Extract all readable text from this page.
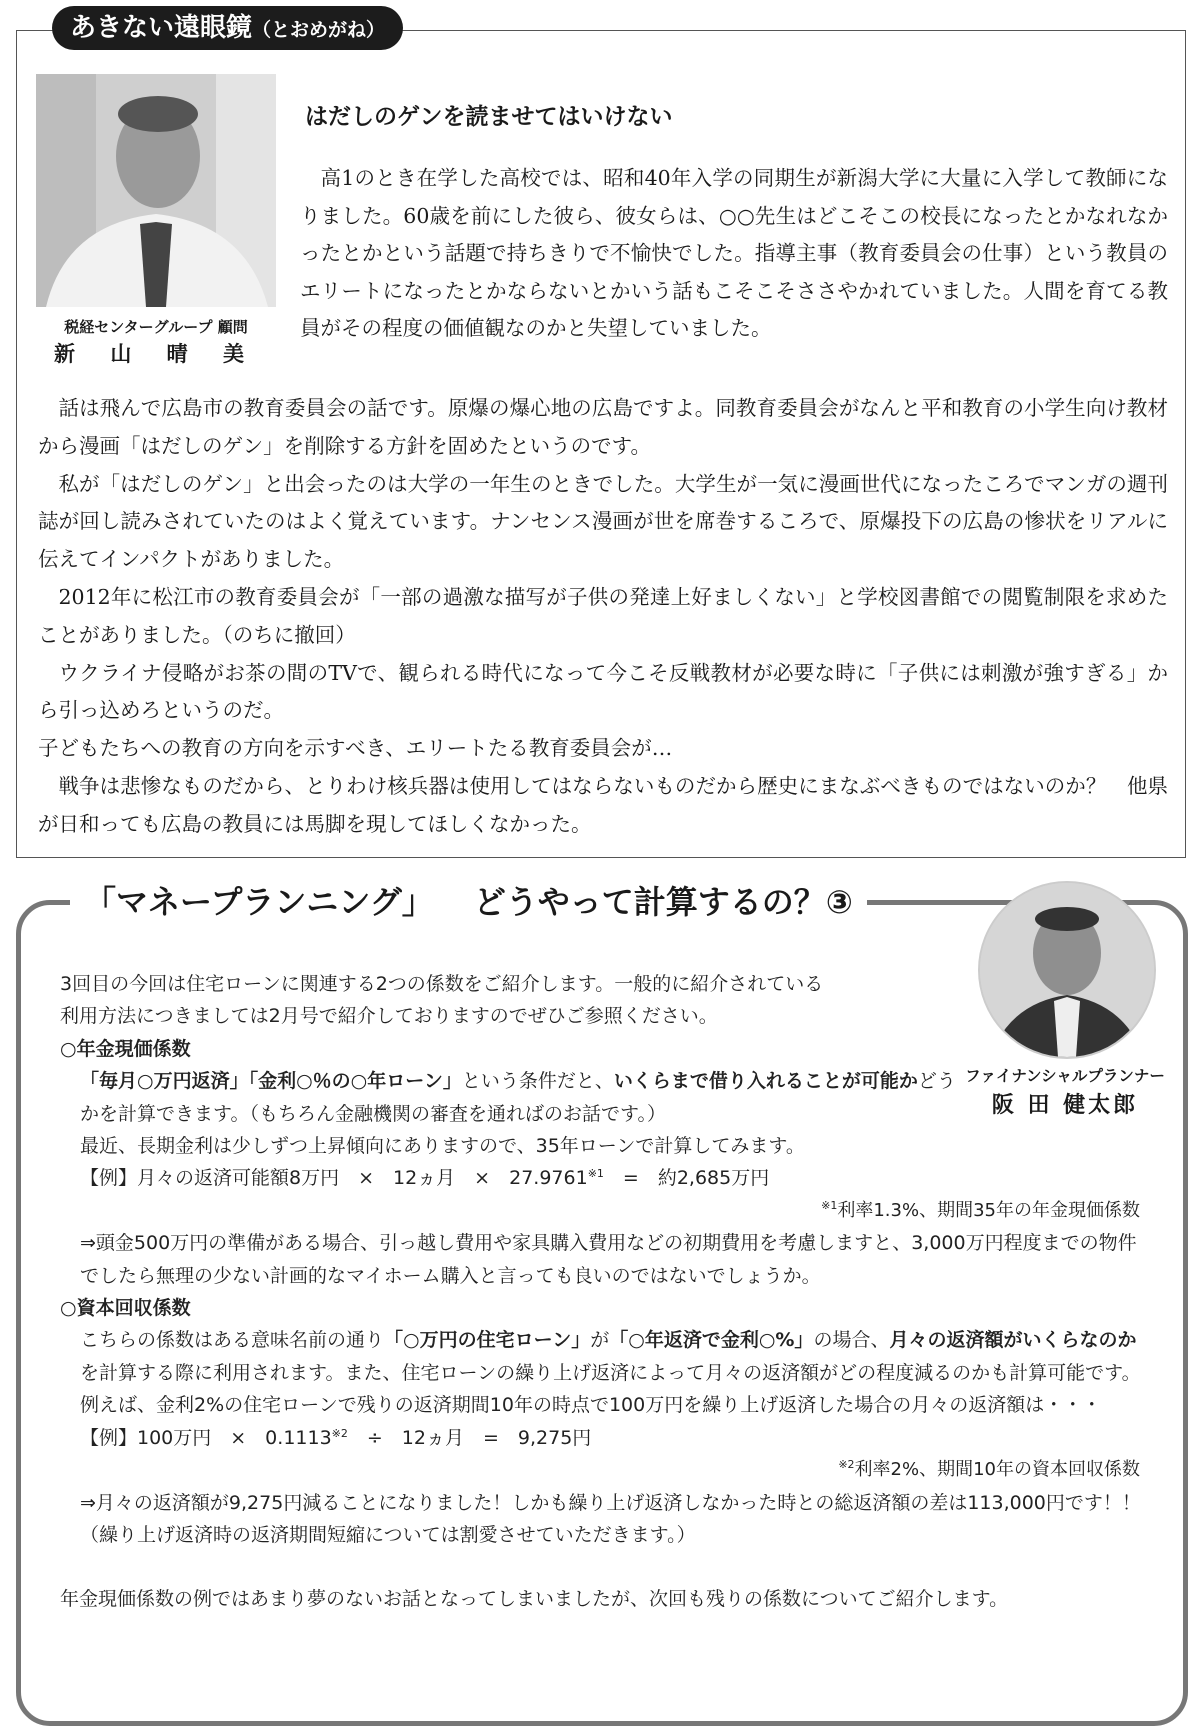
あきない遠眼鏡（とおめがね）
税経センターグループ 顧問
新 山 晴 美
はだしのゲンを読ませてはいけない

高1のとき在学した高校では、昭和40年入学の同期生が新潟大学に大量に入学して教師になりました。60歳を前にした彼ら、彼女らは、○○先生はどこそこの校長になったとかなれなかったとかという話題で持ちきりで不愉快でした。指導主事（教育委員会の仕事）という教員のエリートになったとかならないとかいう話もこそこそささやかれていました。人間を育てる教員がその程度の価値観なのかと失望していました。

話は飛んで広島市の教育委員会の話です。原爆の爆心地の広島ですよ。同教育委員会がなんと平和教育の小学生向け教材から漫画「はだしのゲン」を削除する方針を固めたというのです。

私が「はだしのゲン」と出会ったのは大学の一年生のときでした。大学生が一気に漫画世代になったころでマンガの週刊誌が回し読みされていたのはよく覚えています。ナンセンス漫画が世を席巻するころで、原爆投下の広島の惨状をリアルに伝えてインパクトがありました。

2012年に松江市の教育委員会が「一部の過激な描写が子供の発達上好ましくない」と学校図書館での閲覧制限を求めたことがありました。（のちに撤回）

ウクライナ侵略がお茶の間のTVで、観られる時代になって今こそ反戦教材が必要な時に「子供には刺激が強すぎる」から引っ込めろというのだ。

子どもたちへの教育の方向を示すべき、エリートたる教育委員会が…

戦争は悲惨なものだから、とりわけ核兵器は使用してはならないものだから歴史にまなぶべきものではないのか？　他県が日和っても広島の教員には馬脚を現してほしくなかった。

「マネープランニング」 どうやって計算するの？③
ファイナンシャルプランナー
阪 田 健太郎

3回目の今回は住宅ローンに関連する2つの係数をご紹介します。一般的に紹介されている

利用方法につきましては2月号で紹介しておりますのでぜひご参照ください。

○年金現価係数

「毎月○万円返済」「金利○％の○年ローン」という条件だと、いくらまで借り入れることが可能かどうかを計算できます。（もちろん金融機関の審査を通ればのお話です。）

最近、長期金利は少しずつ上昇傾向にありますので、35年ローンで計算してみます。

【例】月々の返済可能額8万円　×　12ヵ月　×　$27.9761^{※1}$　=　約2,685万円

$^{※1}$利率1.3%、期間35年の年金現価係数

⇒頭金500万円の準備がある場合、引っ越し費用や家具購入費用などの初期費用を考慮しますと、3,000万円程度までの物件でしたら無理の少ない計画的なマイホーム購入と言っても良いのではないでしょうか。

○資本回収係数

こちらの係数はある意味名前の通り「○万円の住宅ローン」が「○年返済で金利○%」の場合、月々の返済額がいくらなのかを計算する際に利用されます。また、住宅ローンの繰り上げ返済によって月々の返済額がどの程度減るのかも計算可能です。

例えば、金利2%の住宅ローンで残りの返済期間10年の時点で100万円を繰り上げ返済した場合の月々の返済額は・・・

【例】100万円　×　$0.1113^{※2}$　÷　12ヵ月　=　9,275円

$^{※2}$利率2%、期間10年の資本回収係数

⇒月々の返済額が9,275円減ることになりました！しかも繰り上げ返済しなかった時との総返済額の差は113,000円です！！（繰り上げ返済時の返済期間短縮については割愛させていただきます。）

年金現価係数の例ではあまり夢のないお話となってしまいましたが、次回も残りの係数についてご紹介します。
